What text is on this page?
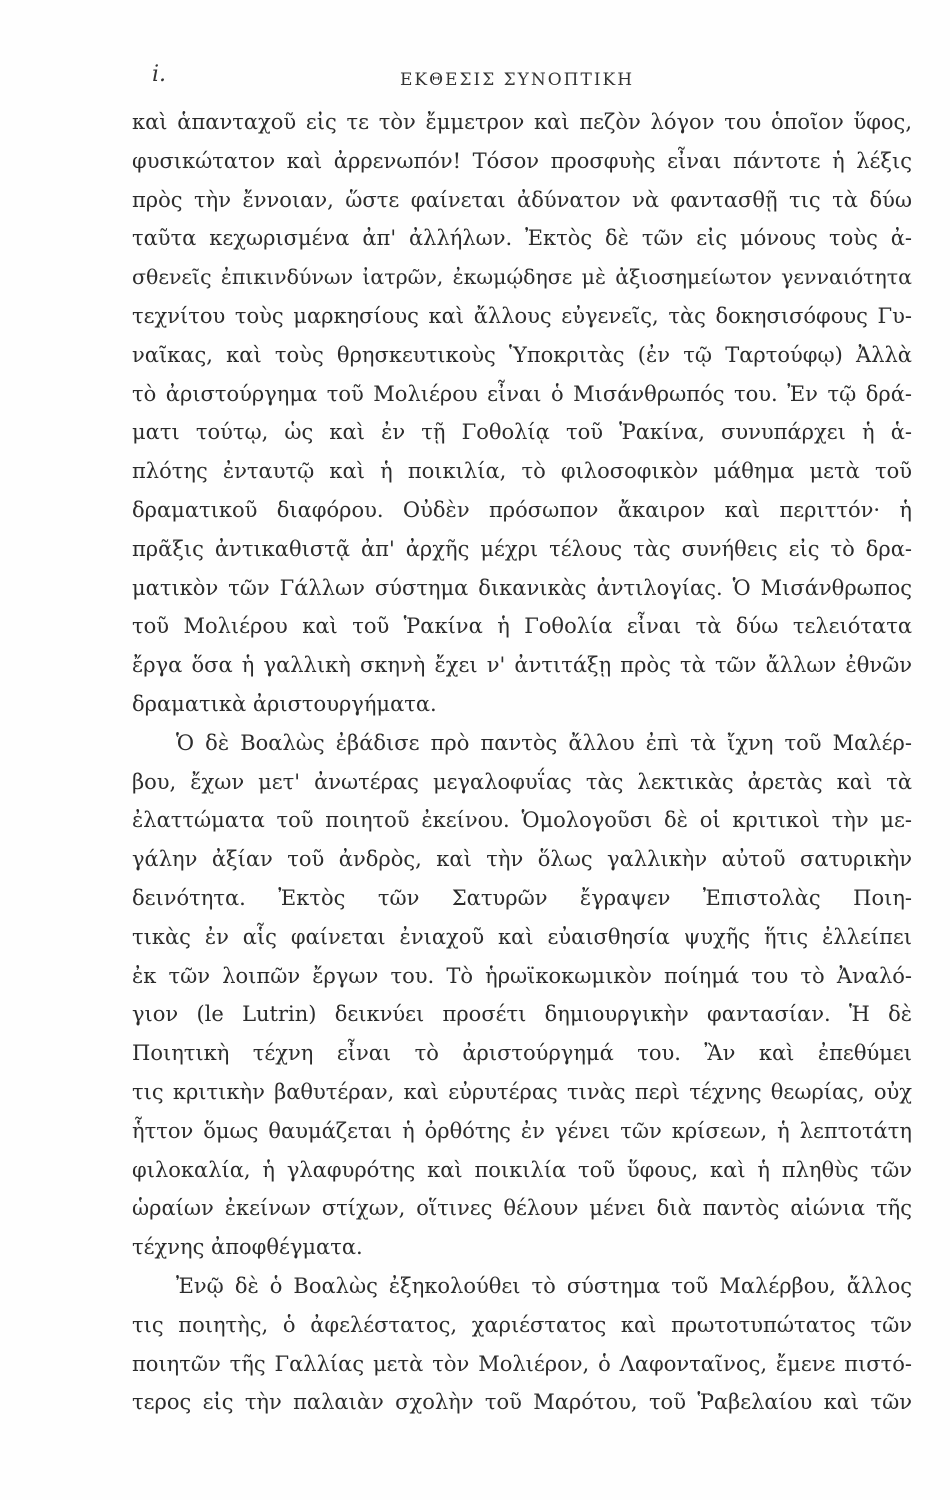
i.	ΕΚΘΕΣΙΣ ΣΥΝΟΠΤΙΚΗ
καὶ ἁπανταχοῦ εἰς τε τὸν ἔμμετρον καὶ πεζὸν λόγον του ὁποῖον ὕφος,
φυσικώτατον καὶ ἀρρενωπόν! Τόσον προσφυὴς εἶναι πάντοτε ἡ λέξις
πρὸς τὴν ἔννοιαν, ὥστε φαίνεται ἀδύνατον νὰ φαντασθῇ τις τὰ δύω
ταῦτα κεχωρισμένα ἀπ' ἀλλήλων. Ἐκτὸς δὲ τῶν εἰς μόνους τοὺς ἀ-
σθενεῖς ἐπικινδύνων ἰατρῶν, ἐκωμῴδησε μὲ ἀξιοσημείωτον γενναιότητα
τεχνίτου τοὺς μαρκησίους καὶ ἄλλους εὐγενεῖς, τὰς δοκησισόφους Γυ-
ναῖκας, καὶ τοὺς θρησκευτικοὺς Ὑποκριτὰς (ἐν τῷ Ταρτούφῳ) Ἀλλὰ
τὸ ἀριστούργημα τοῦ Μολιέρου εἶναι ὁ Μισάνθρωπός του. Ἐν τῷ δρά-
ματι τούτῳ, ὡς καὶ ἐν τῇ Γοθολίᾳ τοῦ Ῥακίνα, συνυπάρχει ἡ ἁ-
πλότης ἐνταυτῷ καὶ ἡ ποικιλία, τὸ φιλοσοφικὸν μάθημα μετὰ τοῦ
δραματικοῦ διαφόρου. Οὐδὲν πρόσωπον ἄκαιρον καὶ περιττόν· ἡ
πρᾶξις ἀντικαθιστᾷ ἀπ' ἀρχῆς μέχρι τέλους τὰς συνήθεις εἰς τὸ δρα-
ματικὸν τῶν Γάλλων σύστημα δικανικὰς ἀντιλογίας. Ὁ Μισάνθρωπος
τοῦ Μολιέρου καὶ τοῦ Ῥακίνα ἡ Γοθολία εἶναι τὰ δύω τελειότατα
ἔργα ὅσα ἡ γαλλικὴ σκηνὴ ἔχει ν' ἀντιτάξῃ πρὸς τὰ τῶν ἄλλων ἐθνῶν
δραματικὰ ἀριστουργήματα.
Ὁ δὲ Βοαλὼς ἐβάδισε πρὸ παντὸς ἄλλου ἐπὶ τὰ ἴχνη τοῦ Μαλέρ-
βου, ἔχων μετ' ἀνωτέρας μεγαλοφυΐας τὰς λεκτικὰς ἀρετὰς καὶ τὰ
ἐλαττώματα τοῦ ποιητοῦ ἐκείνου. Ὁμολογοῦσι δὲ οἱ κριτικοὶ τὴν με-
γάλην ἀξίαν τοῦ ἀνδρὸς, καὶ τὴν ὅλως γαλλικὴν αὐτοῦ σατυρικὴν
δεινότητα. Ἐκτὸς τῶν Σατυρῶν ἔγραψεν Ἐπιστολὰς Ποιη-
τικὰς ἐν αἷς φαίνεται ἐνιαχοῦ καὶ εὐαισθησία ψυχῆς ἥτις ἐλλείπει
ἐκ τῶν λοιπῶν ἔργων του. Τὸ ἡρωϊκοκωμικὸν ποίημά του τὸ Ἀναλό-
γιον (le Lutrin) δεικνύει προσέτι δημιουργικὴν φαντασίαν. Ἡ δὲ
Ποιητικὴ τέχνη εἶναι τὸ ἀριστούργημά του. Ἂν καὶ ἐπεθύμει
τις κριτικὴν βαθυτέραν, καὶ εὐρυτέρας τινὰς περὶ τέχνης θεωρίας, οὐχ
ἧττον ὅμως θαυμάζεται ἡ ὀρθότης ἐν γένει τῶν κρίσεων, ἡ λεπτοτάτη
φιλοκαλία, ἡ γλαφυρότης καὶ ποικιλία τοῦ ὕφους, καὶ ἡ πληθὺς τῶν
ὡραίων ἐκείνων στίχων, οἵτινες θέλουν μένει διὰ παντὸς αἰώνια τῆς
τέχνης ἀποφθέγματα.
Ἐνῷ δὲ ὁ Βοαλὼς ἐξηκολούθει τὸ σύστημα τοῦ Μαλέρβου, ἄλλος
τις ποιητὴς, ὁ ἀφελέστατος, χαριέστατος καὶ πρωτοτυπώτατος τῶν
ποιητῶν τῆς Γαλλίας μετὰ τὸν Μολιέρον, ὁ Λαφονταῖνος, ἔμενε πιστό-
τερος εἰς τὴν παλαιὰν σχολὴν τοῦ Μαρότου, τοῦ Ῥαβελαίου καὶ τῶν
